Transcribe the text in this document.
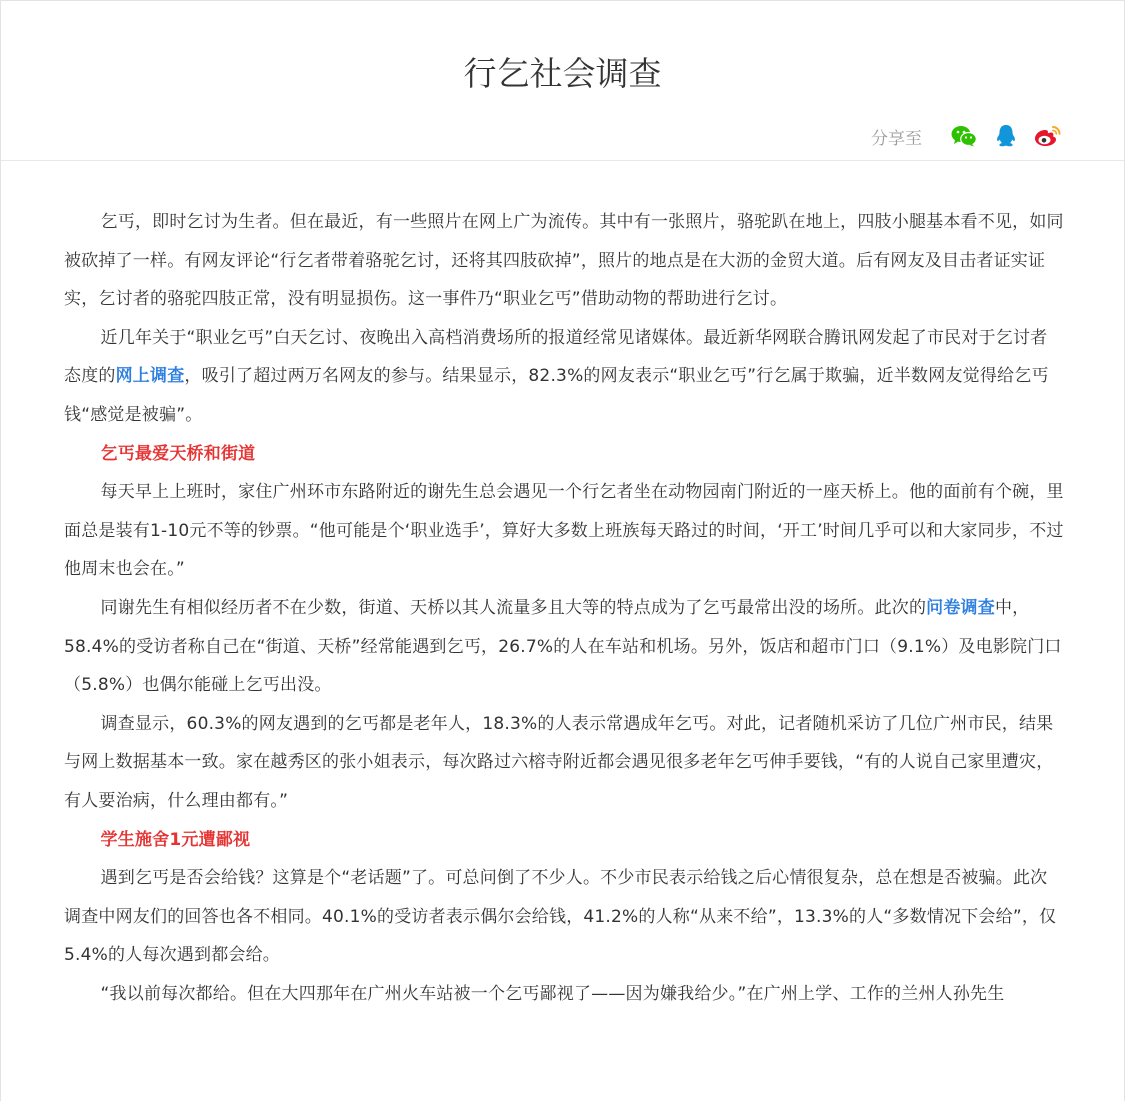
行乞社会调查
分享至

乞丐，即时乞讨为生者。但在最近，有一些照片在网上广为流传。其中有一张照片，骆驼趴在地上，四肢小腿基本看不见，如同被砍掉了一样。有网友评论“行乞者带着骆驼乞讨，还将其四肢砍掉”，照片的地点是在大沥的金贸大道。后有网友及目击者证实证实，乞讨者的骆驼四肢正常，没有明显损伤。这一事件乃“职业乞丐”借助动物的帮助进行乞讨。

近几年关于“职业乞丐”白天乞讨、夜晚出入高档消费场所的报道经常见诸媒体。最近新华网联合腾讯网发起了市民对于乞讨者态度的网上调查，吸引了超过两万名网友的参与。结果显示，82.3%的网友表示“职业乞丐”行乞属于欺骗，近半数网友觉得给乞丐钱“感觉是被骗”。

乞丐最爱天桥和街道

每天早上上班时，家住广州环市东路附近的谢先生总会遇见一个行乞者坐在动物园南门附近的一座天桥上。他的面前有个碗，里面总是装有1-10元不等的钞票。“他可能是个‘职业选手’，算好大多数上班族每天路过的时间，‘开工’时间几乎可以和大家同步，不过他周末也会在。”

同谢先生有相似经历者不在少数，街道、天桥以其人流量多且大等的特点成为了乞丐最常出没的场所。此次的问卷调查中，58.4%的受访者称自己在“街道、天桥”经常能遇到乞丐，26.7%的人在车站和机场。另外，饭店和超市门口（9.1%）及电影院门口（5.8%）也偶尔能碰上乞丐出没。

调查显示，60.3%的网友遇到的乞丐都是老年人，18.3%的人表示常遇成年乞丐。对此，记者随机采访了几位广州市民，结果与网上数据基本一致。家在越秀区的张小姐表示，每次路过六榕寺附近都会遇见很多老年乞丐伸手要钱，“有的人说自己家里遭灾，有人要治病，什么理由都有。”

学生施舍1元遭鄙视

遇到乞丐是否会给钱？这算是个“老话题”了。可总问倒了不少人。不少市民表示给钱之后心情很复杂，总在想是否被骗。此次调查中网友们的回答也各不相同。40.1%的受访者表示偶尔会给钱，41.2%的人称“从来不给”，13.3%的人“多数情况下会给”，仅5.4%的人每次遇到都会给。

“我以前每次都给。但在大四那年在广州火车站被一个乞丐鄙视了——因为嫌我给少。”在广州上学、工作的兰州人孙先生
